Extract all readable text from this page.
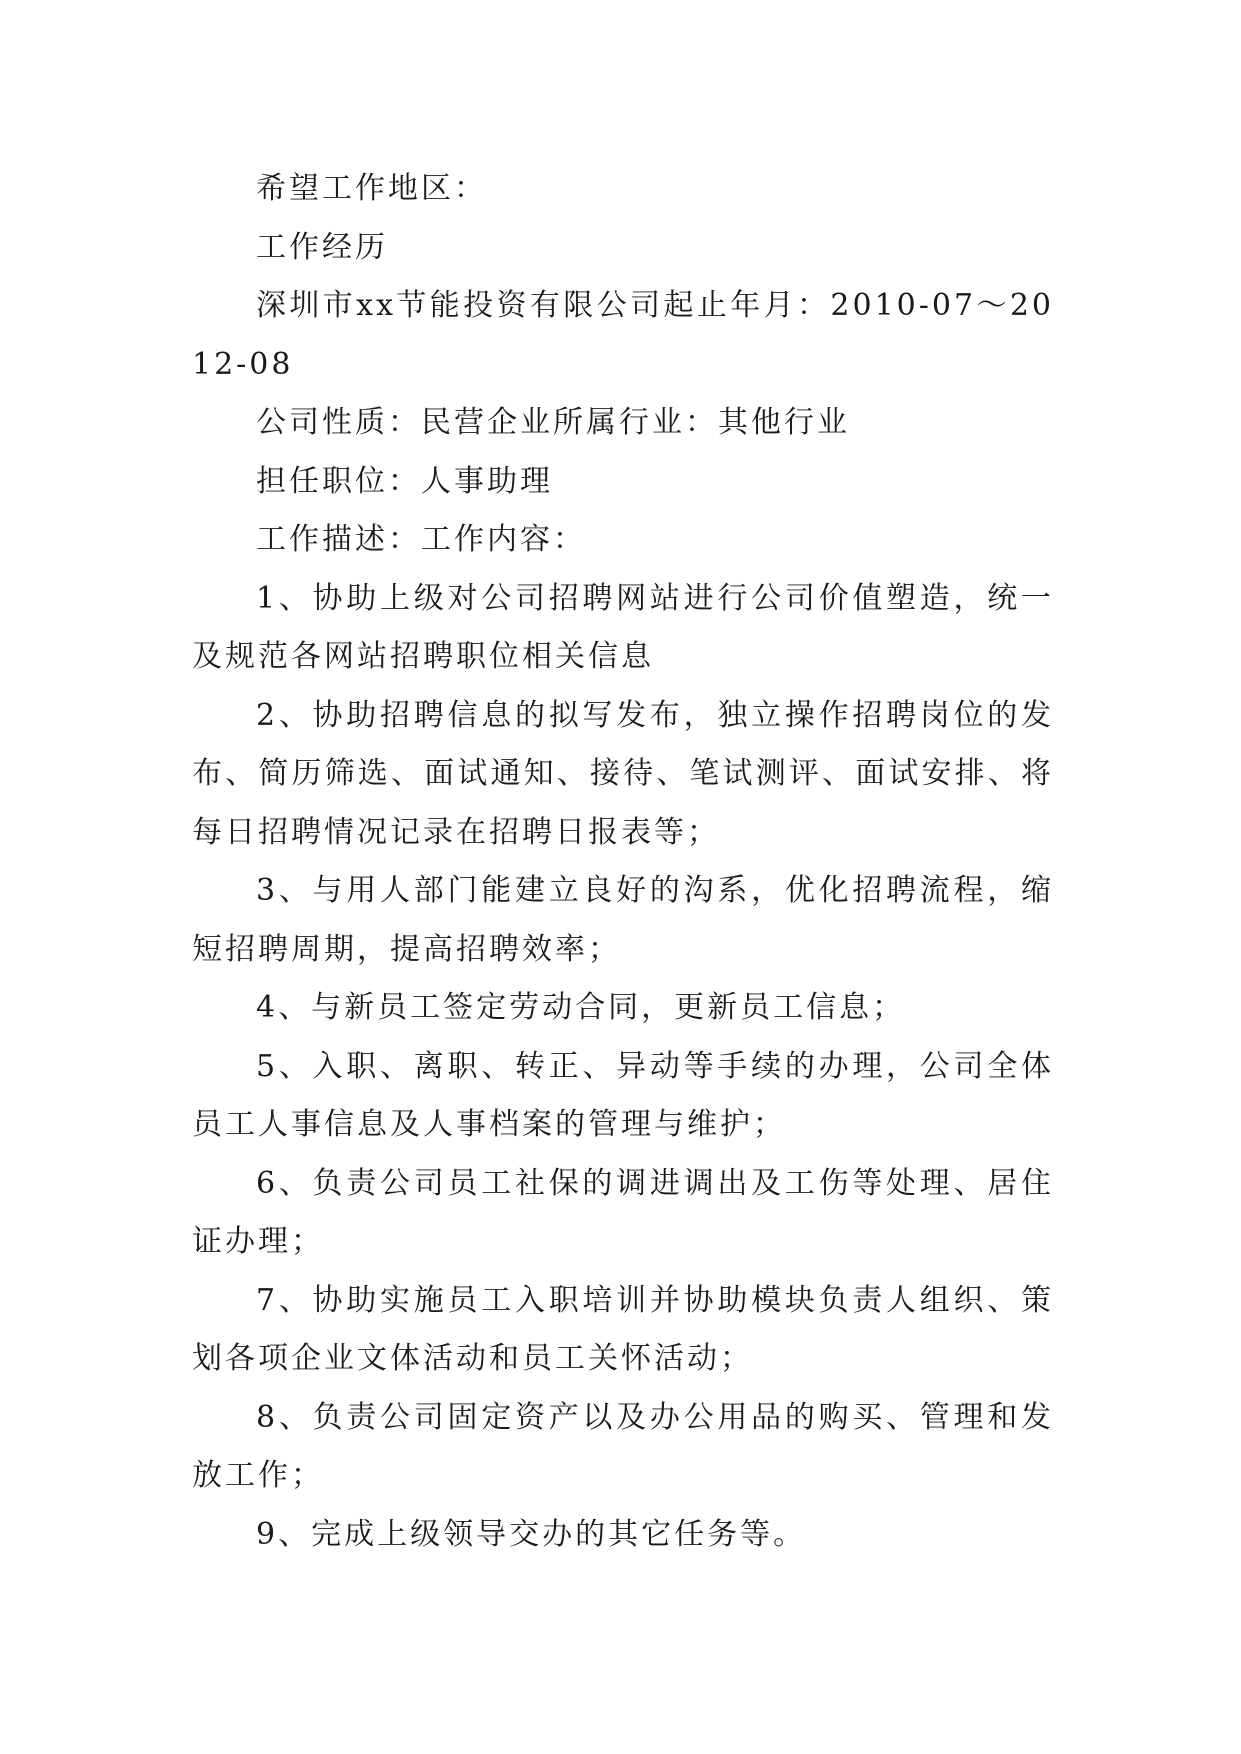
希望工作地区：

工作经历

深圳市xx节能投资有限公司起止年月：2010-07～2012-08

公司性质：民营企业所属行业：其他行业

担任职位：人事助理

工作描述：工作内容：

1、协助上级对公司招聘网站进行公司价值塑造，统一及规范各网站招聘职位相关信息

2、协助招聘信息的拟写发布，独立操作招聘岗位的发布、简历筛选、面试通知、接待、笔试测评、面试安排、将每日招聘情况记录在招聘日报表等；

3、与用人部门能建立良好的沟系，优化招聘流程，缩短招聘周期，提高招聘效率；

4、与新员工签定劳动合同，更新员工信息；

5、入职、离职、转正、异动等手续的办理，公司全体员工人事信息及人事档案的管理与维护；

6、负责公司员工社保的调进调出及工伤等处理、居住证办理；

7、协助实施员工入职培训并协助模块负责人组织、策划各项企业文体活动和员工关怀活动；

8、负责公司固定资产以及办公用品的购买、管理和发放工作；

9、完成上级领导交办的其它任务等。
